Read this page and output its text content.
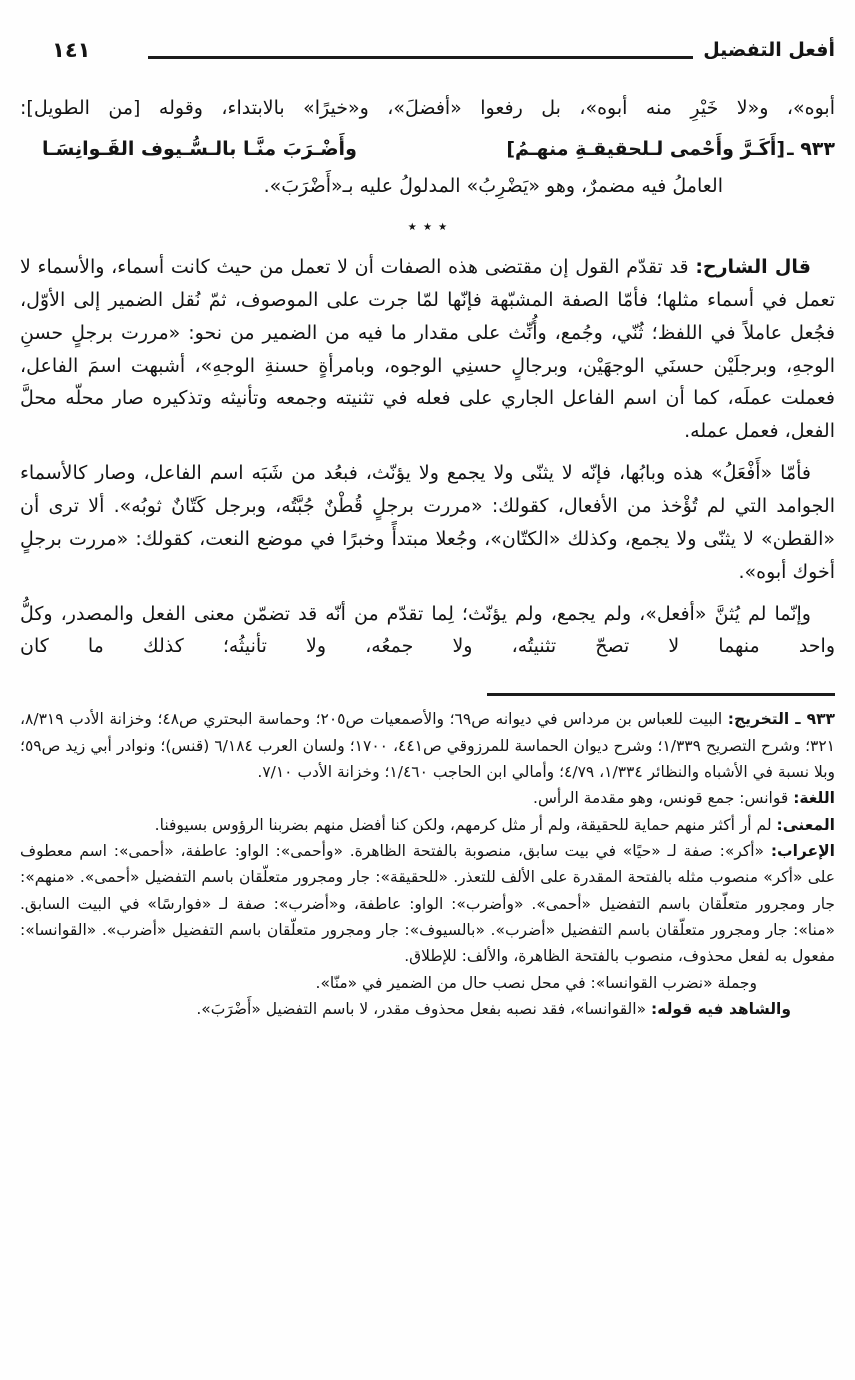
أفعل التفضيل
١٤١

أبوه»، و«لا خَيْرِ منه أبوه»، بل رفعوا «أفضلَ»، و«خيرًا» بالابتداء، وقوله [من الطويل]:

٩٣٣ ـ[أَكَـرَّ وأَحْمى لـلحقيقـةِ منهـمُ]
وأَضْـرَبَ منَّـا بالـسُّـيوف القَـوانِسَـا

العاملُ فيه مضمرٌ، وهو «يَضْرِبُ» المدلولُ عليه بـ«أَضْرَبَ».

٭ ٭ ٭

قال الشارح: قد تقدّم القول إن مقتضى هذه الصفات أن لا تعمل من حيث كانت أسماء، والأسماء لا تعمل في أسماء مثلها؛ فأمّا الصفة المشبّهة فإنّها لمّا جرت على الموصوف، ثمّ نُقل الضمير إلى الأوّل، فجُعل عاملاً في اللفظ؛ ثُنّي، وجُمع، وأُنِّث على مقدار ما فيه من الضمير من نحو: «مررت برجلٍ حسنِ الوجهِ، وبرجلَيْن حسنَي الوجهَيْن، وبرجالٍ حسنِي الوجوه، وبامرأةٍ حسنةِ الوجهِ»، أشبهت اسمَ الفاعل، فعملت عملَه، كما أن اسم الفاعل الجاري على فعله في تثنيته وجمعه وتأنيثه وتذكيره صار محلّه محلَّ الفعل، فعمل عمله.

فأمّا «أَفْعَلُ» هذه وبابُها، فإنّه لا يثنّى ولا يجمع ولا يؤنّث، فبعُد من شَبَه اسم الفاعل، وصار كالأسماء الجوامد التي لم تُؤْخذ من الأفعال، كقولك: «مررت برجلٍ قُطْنٌ جُبَّتُه، وبرجل كَتّانٌ ثوبُه». ألا ترى أن «القطن» لا يثنّى ولا يجمع، وكذلك «الكتّان»، وجُعلا مبتدأً وخبرًا في موضع النعت، كقولك: «مررت برجلٍ أخوك أبوه».

وإنّما لم يُثنَّ «أفعل»، ولم يجمع، ولم يؤنّث؛ لِما تقدّم من أنّه قد تضمّن معنى الفعل والمصدر، وكلُّ واحد منهما لا تصحّ تثنيتُه، ولا جمعُه، ولا تأنيثُه؛ كذلك ما كان

٩٣٣ ـ التخريج: البيت للعباس بن مرداس في ديوانه ص٦٩؛ والأصمعيات ص٢٠٥؛ وحماسة البحتري ص٤٨؛ وخزانة الأدب ٨/٣١٩، ٣٢١؛ وشرح التصريح ١/٣٣٩؛ وشرح ديوان الحماسة للمرزوقي ص٤٤١، ١٧٠٠؛ ولسان العرب ٦/١٨٤ (قنس)؛ ونوادر أبي زيد ص٥٩؛ وبلا نسبة في الأشباه والنظائر ١/٣٣٤، ٤/٧٩؛ وأمالي ابن الحاجب ١/٤٦٠؛ وخزانة الأدب ٧/١٠.

اللغة: قوانس: جمع قونس، وهو مقدمة الرأس.

المعنى: لم أر أكثر منهم حماية للحقيقة، ولم أر مثل كرمهم، ولكن كنا أفضل منهم بضربنا الرؤوس بسيوفنا.

الإعراب: «أكر»: صفة لـ «حيًا» في بيت سابق، منصوبة بالفتحة الظاهرة. «وأحمى»: الواو: عاطفة، «أحمى»: اسم معطوف على «أكر» منصوب مثله بالفتحة المقدرة على الألف للتعذر. «للحقيقة»: جار ومجرور متعلّقان باسم التفضيل «أحمى». «منهم»: جار ومجرور متعلّقان باسم التفضيل «أحمى». «وأضرب»: الواو: عاطفة، و«أضرب»: صفة لـ «فوارسًا» في البيت السابق. «منا»: جار ومجرور متعلّقان باسم التفضيل «أضرب». «بالسيوف»: جار ومجرور متعلّقان باسم التفضيل «أضرب». «القوانسا»: مفعول به لفعل محذوف، منصوب بالفتحة الظاهرة، والألف: للإطلاق.

وجملة «نضرب القوانسا»: في محل نصب حال من الضمير في «منّا».

والشاهد فيه قوله: «القوانسا»، فقد نصبه بفعل محذوف مقدر، لا باسم التفضيل «أَضْرَبَ».
